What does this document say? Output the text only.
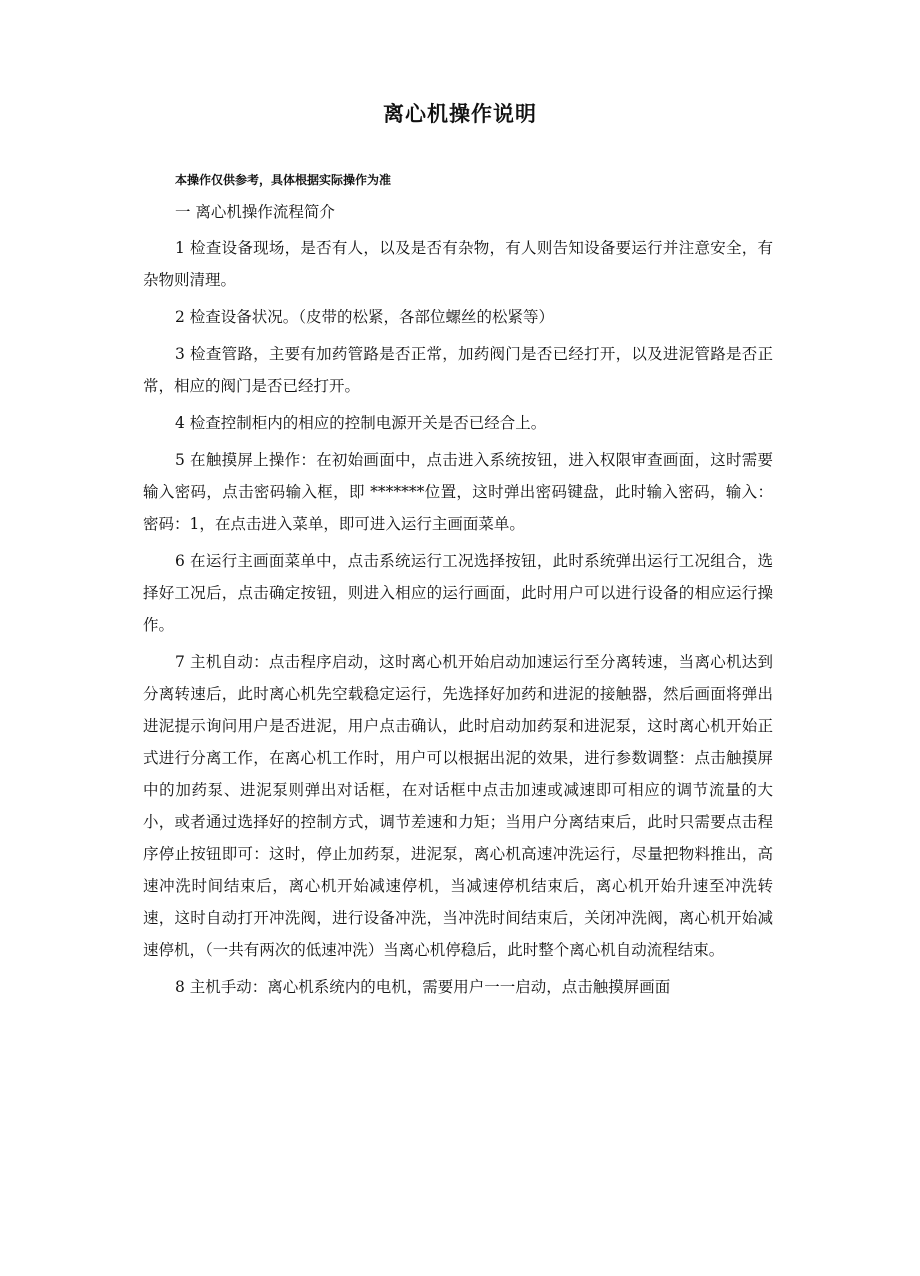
离心机操作说明

本操作仅供参考，具体根据实际操作为准

一 离心机操作流程简介

1 检查设备现场，是否有人，以及是否有杂物，有人则告知设备要运行并注意安全，有杂物则清理。

2 检查设备状况。（皮带的松紧，各部位螺丝的松紧等）

3 检查管路，主要有加药管路是否正常，加药阀门是否已经打开，以及进泥管路是否正常，相应的阀门是否已经打开。

4 检查控制柜内的相应的控制电源开关是否已经合上。

5 在触摸屏上操作：在初始画面中，点击进入系统按钮，进入权限审查画面，这时需要输入密码，点击密码输入框，即 *******位置，这时弹出密码键盘，此时输入密码，输入：密码：1，在点击进入菜单，即可进入运行主画面菜单。

6 在运行主画面菜单中，点击系统运行工况选择按钮，此时系统弹出运行工况组合，选择好工况后，点击确定按钮，则进入相应的运行画面，此时用户可以进行设备的相应运行操作。

7 主机自动：点击程序启动，这时离心机开始启动加速运行至分离转速，当离心机达到分离转速后，此时离心机先空载稳定运行，先选择好加药和进泥的接触器，然后画面将弹出进泥提示询问用户是否进泥，用户点击确认，此时启动加药泵和进泥泵，这时离心机开始正式进行分离工作，在离心机工作时，用户可以根据出泥的效果，进行参数调整：点击触摸屏中的加药泵、进泥泵则弹出对话框，在对话框中点击加速或减速即可相应的调节流量的大小，或者通过选择好的控制方式，调节差速和力矩；当用户分离结束后，此时只需要点击程序停止按钮即可：这时，停止加药泵，进泥泵，离心机高速冲洗运行，尽量把物料推出，高速冲洗时间结束后，离心机开始减速停机，当减速停机结束后，离心机开始升速至冲洗转速，这时自动打开冲洗阀，进行设备冲洗，当冲洗时间结束后，关闭冲洗阀，离心机开始减速停机，（一共有两次的低速冲洗）当离心机停稳后，此时整个离心机自动流程结束。

8 主机手动：离心机系统内的电机，需要用户一一启动，点击触摸屏画面
